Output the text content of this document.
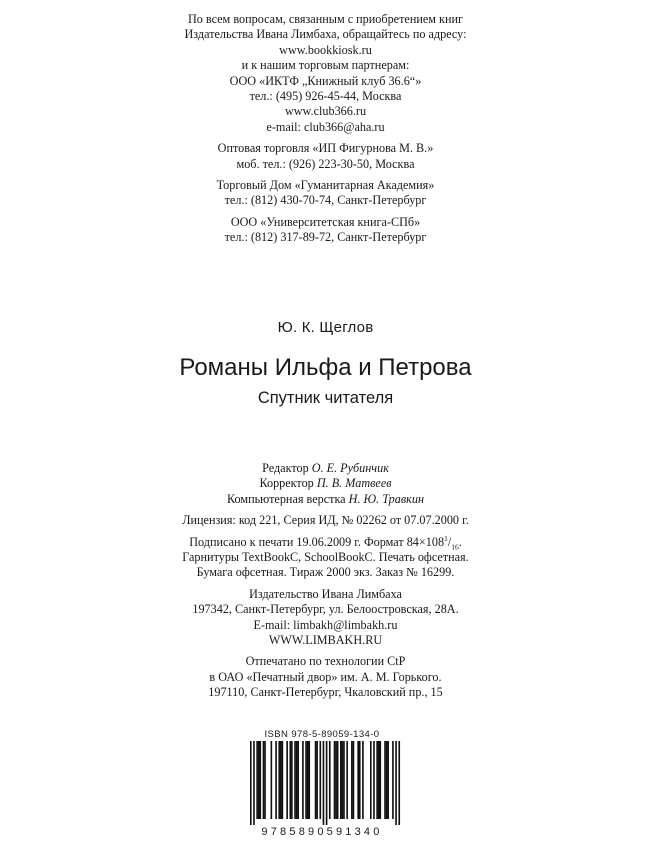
По всем вопросам, связанным с приобретением книг
Издательства Ивана Лимбаха, обращайтесь по адресу:
www.bookkiosk.ru
и к нашим торговым партнерам:
ООО «ИКТФ „Книжный клуб 36.6“»
тел.: (495) 926-45-44, Москва
www.club366.ru
e-mail: club366@aha.ru
Оптовая торговля «ИП Фигурнова М. В.»
моб. тел.: (926) 223-30-50, Москва
Торговый Дом «Гуманитарная Академия»
тел.: (812) 430-70-74, Санкт-Петербург
ООО «Университетская книга-СПб»
тел.: (812) 317-89-72, Санкт-Петербург
Ю. К. Щеглов
Романы Ильфа и Петрова
Спутник читателя
Редактор О. Е. Рубинчик
Корректор П. В. Матвеев
Компьютерная верстка Н. Ю. Травкин
Лицензия: код 221, Серия ИД, № 02262 от 07.07.2000 г.
Подписано к печати 19.06.2009 г. Формат $84\times 108^1/_{16}$.
Гарнитуры TextBookC, SchoolBookC. Печать офсетная.
Бумага офсетная. Тираж 2000 экз. Заказ № 16299.
Издательство Ивана Лимбаха
197342, Санкт-Петербург, ул. Белоостровская, 28А.
E-mail: limbakh@limbakh.ru
WWW.LIMBAKH.RU
Отпечатано по технологии CtP
в ОАО «Печатный двор» им. А. М. Горького.
197110, Санкт-Петербург, Чкаловский пр., 15
ISBN 978-5-89059-134-0
9785890591340
